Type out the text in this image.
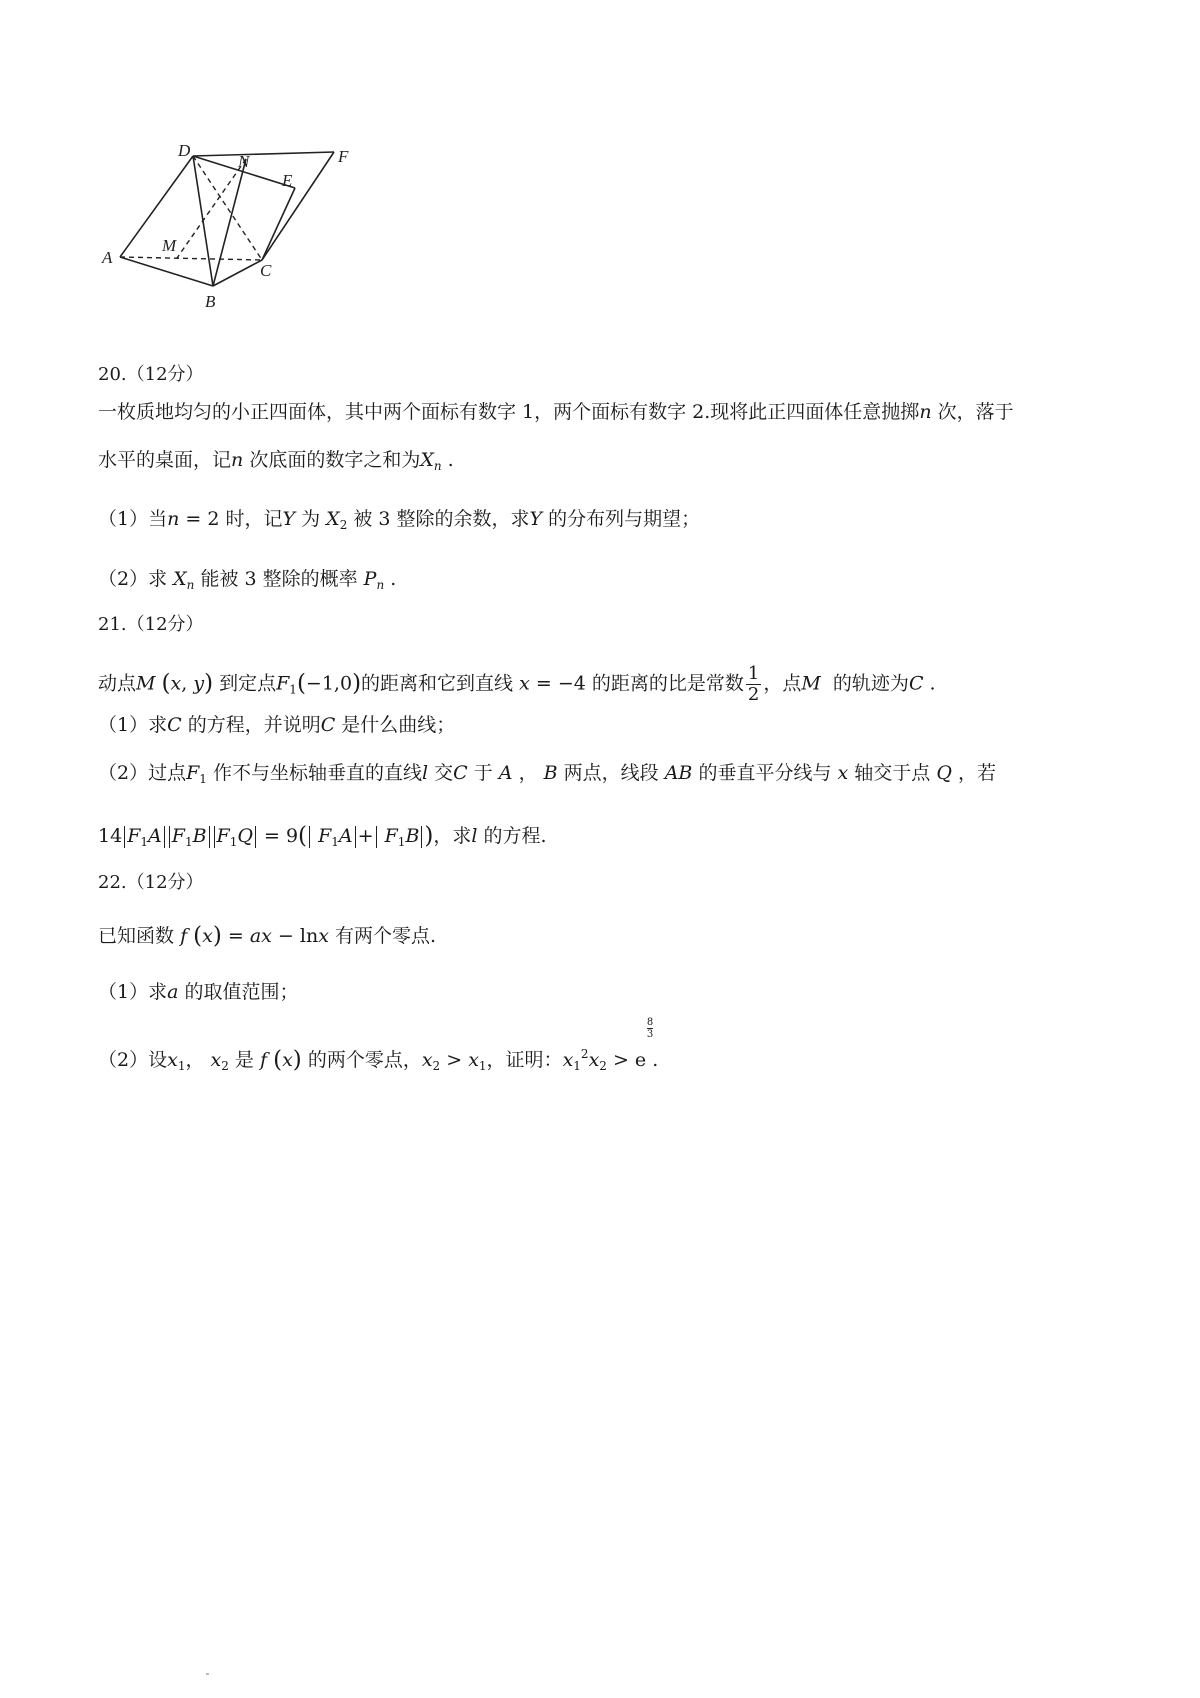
D
N	F
E
M
A
C
B
20.（12分）
一枚质地均匀的小正四面体，其中两个面标有数字 1，两个面标有数字 2.现将此正四面体任意抛掷n 次，落于
水平的桌面，记n 次底面的数字之和为$X_n$ .
（1）当n = 2 时，记Y 为 $X_2$ 被 3 整除的余数，求Y 的分布列与期望；
（2）求 $X_n$ 能被 3 整除的概率 $P_n$ .
21.（12分）
动点M (x, y) 到定点$F_1(-1,0)$的距离和它到直线 x = −4 的距离的比是常数 $\frac{1}{2}$ ，点M 的轨迹为C .
（1）求C 的方程，并说明C 是什么曲线；
（2）过点$F_1$ 作不与坐标轴垂直的直线l 交C 于 A ， B 两点，线段 AB 的垂直平分线与 x 轴交于点 Q ，若
14 $F_1A$ $F_1B$ $F_1Q = 9$( $F_1A + F_1B$ )，求l 的方程.
22.（12分）
已知函数 f (x) = ax − lnx 有两个零点.
（1）求a 的取值范围；
（2）设$x_1$， $x_2$ 是 f (x) 的两个零点，$x_2 > x_1$，证明：$x_1^2x_2 > e$
8
3
.
